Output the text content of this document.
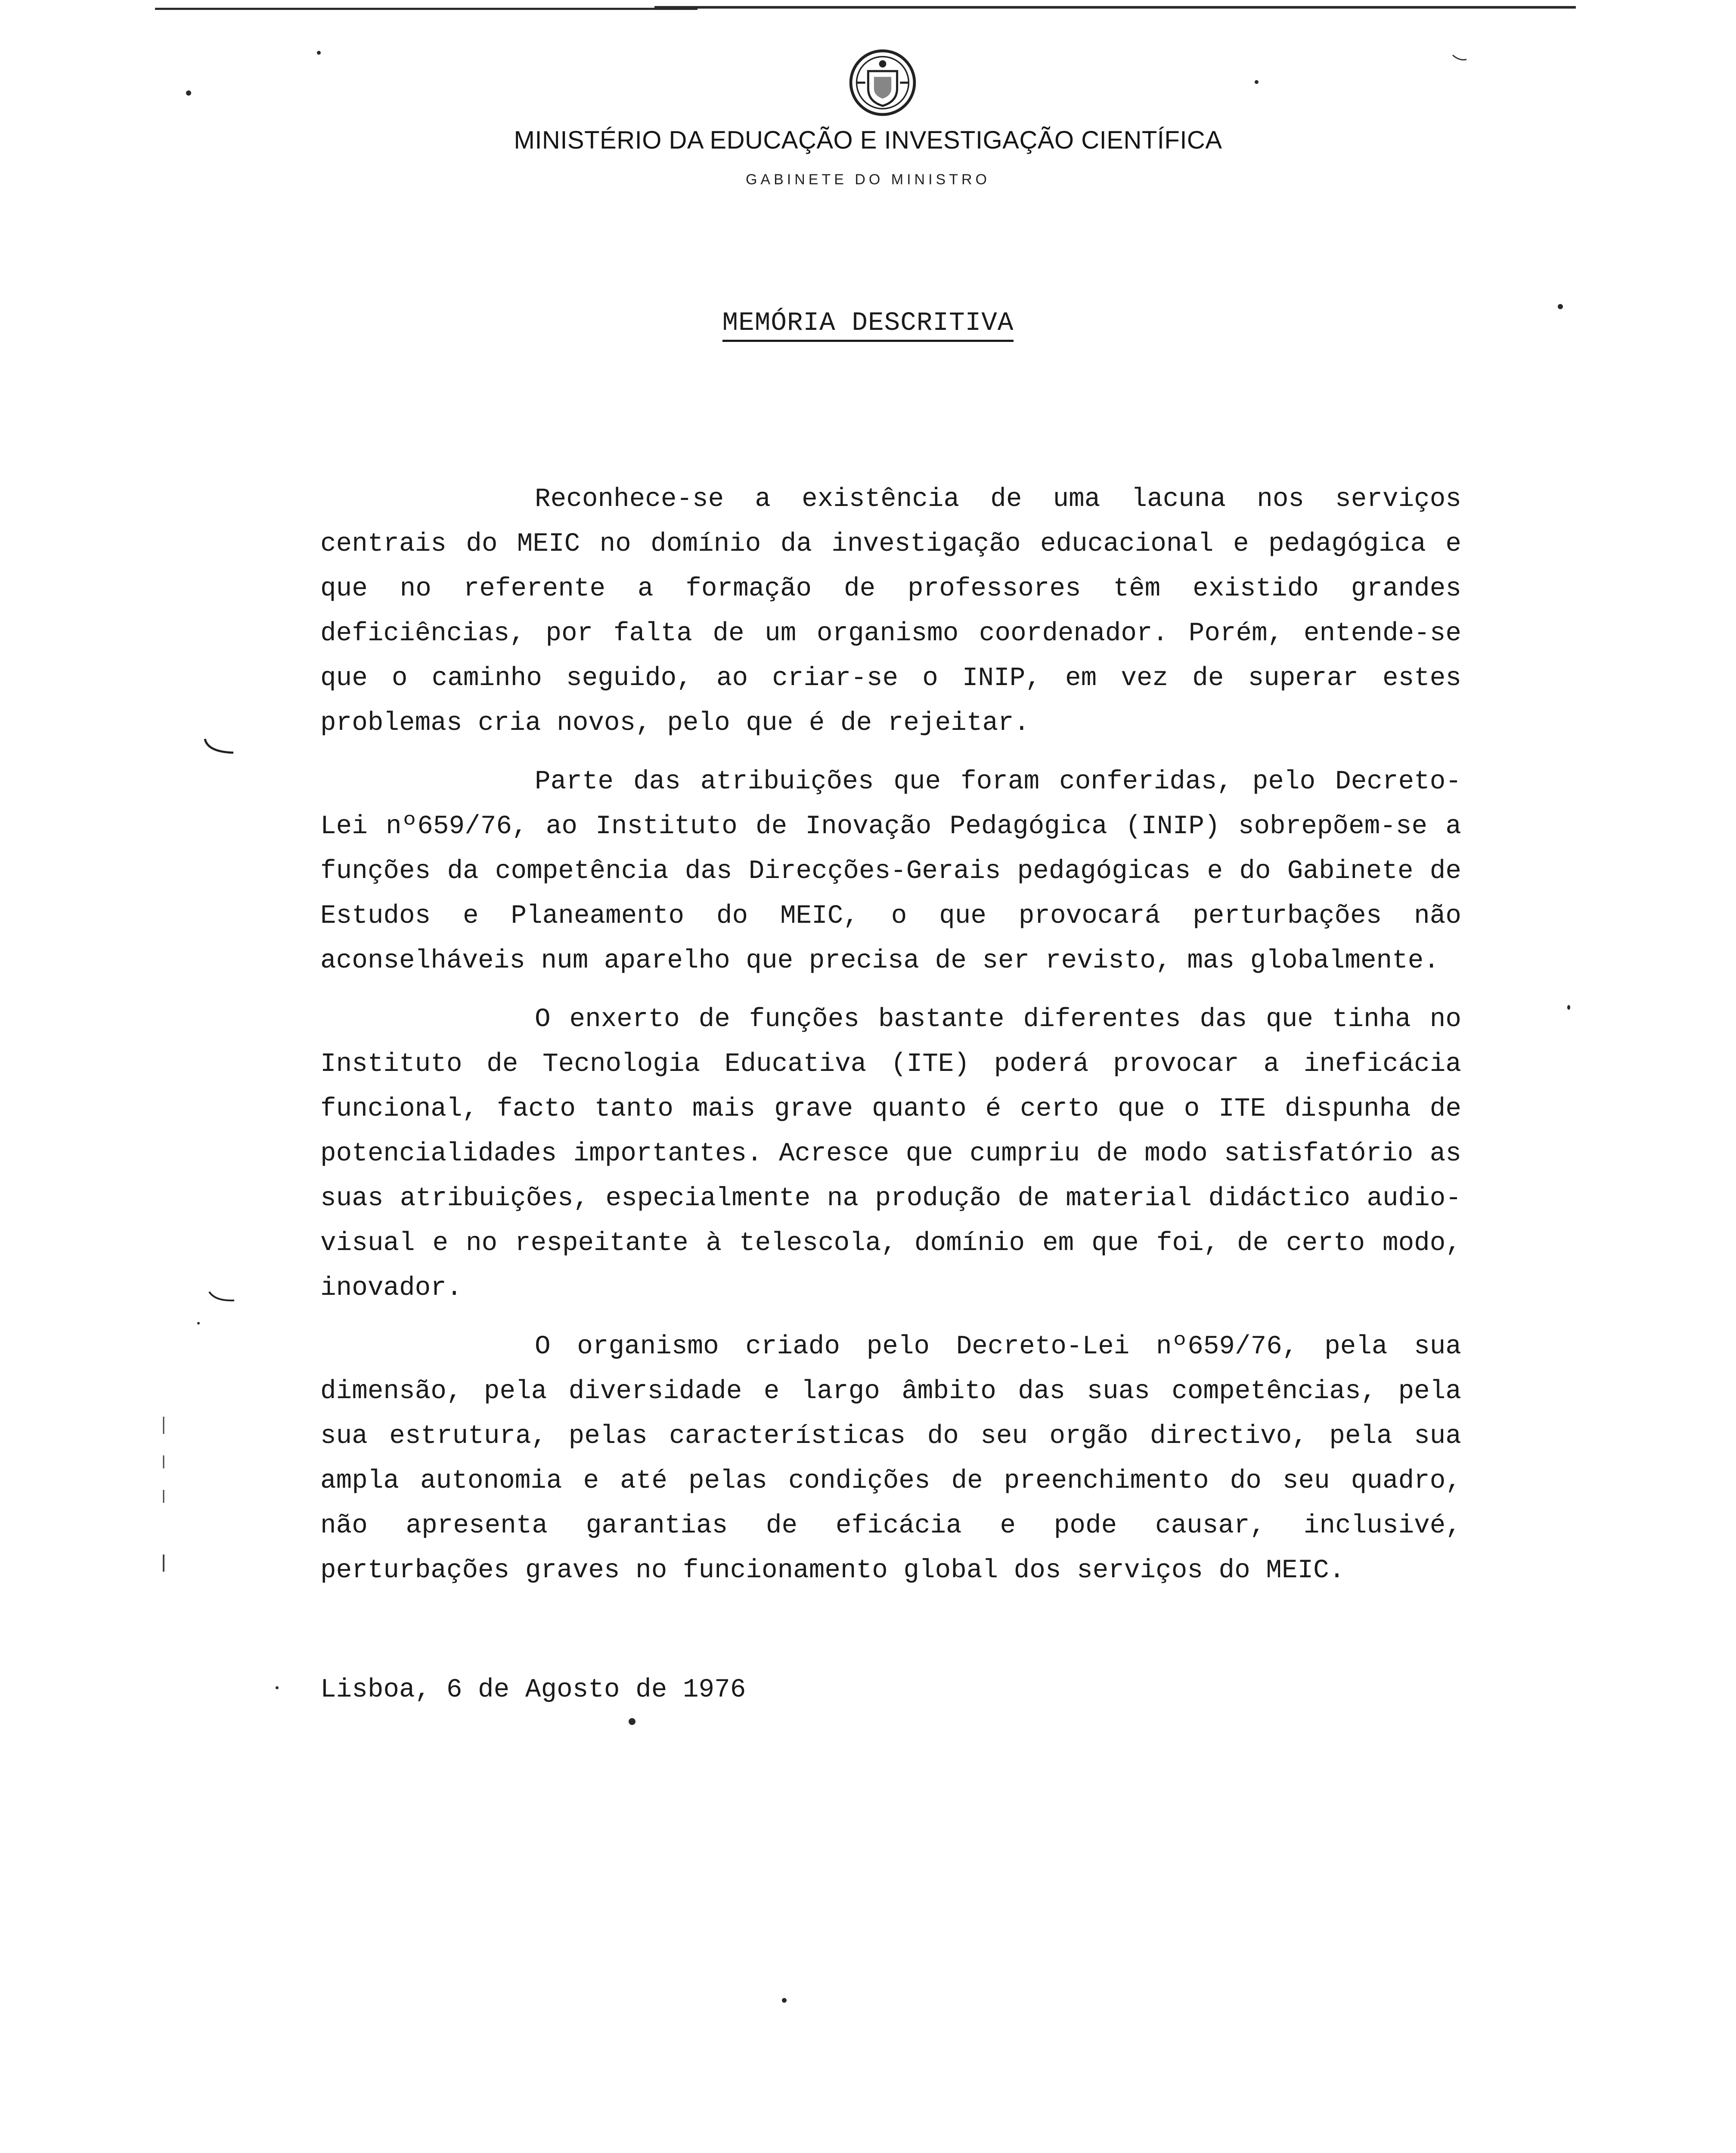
MINISTÉRIO DA EDUCAÇÃO E INVESTIGAÇÃO CIENTÍFICA
GABINETE DO MINISTRO
MEMÓRIA DESCRITIVA

Reconhece-se a existência de uma lacuna nos serviços centrais do MEIC no domínio da investigação educacional e pedagógica e que no referente a formação de professores têm existido grandes deficiências, por falta de um organismo coordenador. Porém, entende-se que o caminho seguido, ao criar-se o INIP, em vez de superar estes problemas cria novos, pelo que é de rejeitar.

Parte das atribuições que foram conferidas, pelo Decreto-Lei nº659/76, ao Instituto de Inovação Pedagógica (INIP) sobrepõem-se a funções da competência das Direcções-Gerais pedagógicas e do Gabinete de Estudos e Planeamento do MEIC, o que provocará perturbações não aconselháveis num aparelho que precisa de ser revisto, mas globalmente.

O enxerto de funções bastante diferentes das que tinha no Instituto de Tecnologia Educativa (ITE) poderá provocar a ineficácia funcional, facto tanto mais grave quanto é certo que o ITE dispunha de potencialidades importantes. Acresce que cumpriu de modo satisfatório as suas atribuições, especialmente na produção de material didáctico audio-visual e no respeitante à telescola, domínio em que foi, de certo modo, inovador.

O organismo criado pelo Decreto-Lei nº659/76, pela sua dimensão, pela diversidade e largo âmbito das suas competências, pela sua estrutura, pelas características do seu orgão directivo, pela sua ampla autonomia e até pelas condições de preenchimento do seu quadro, não apresenta garantias de eficácia e pode causar, inclusivé, perturbações graves no funcionamento global dos serviços do MEIC.

Lisboa, 6 de Agosto de 1976
